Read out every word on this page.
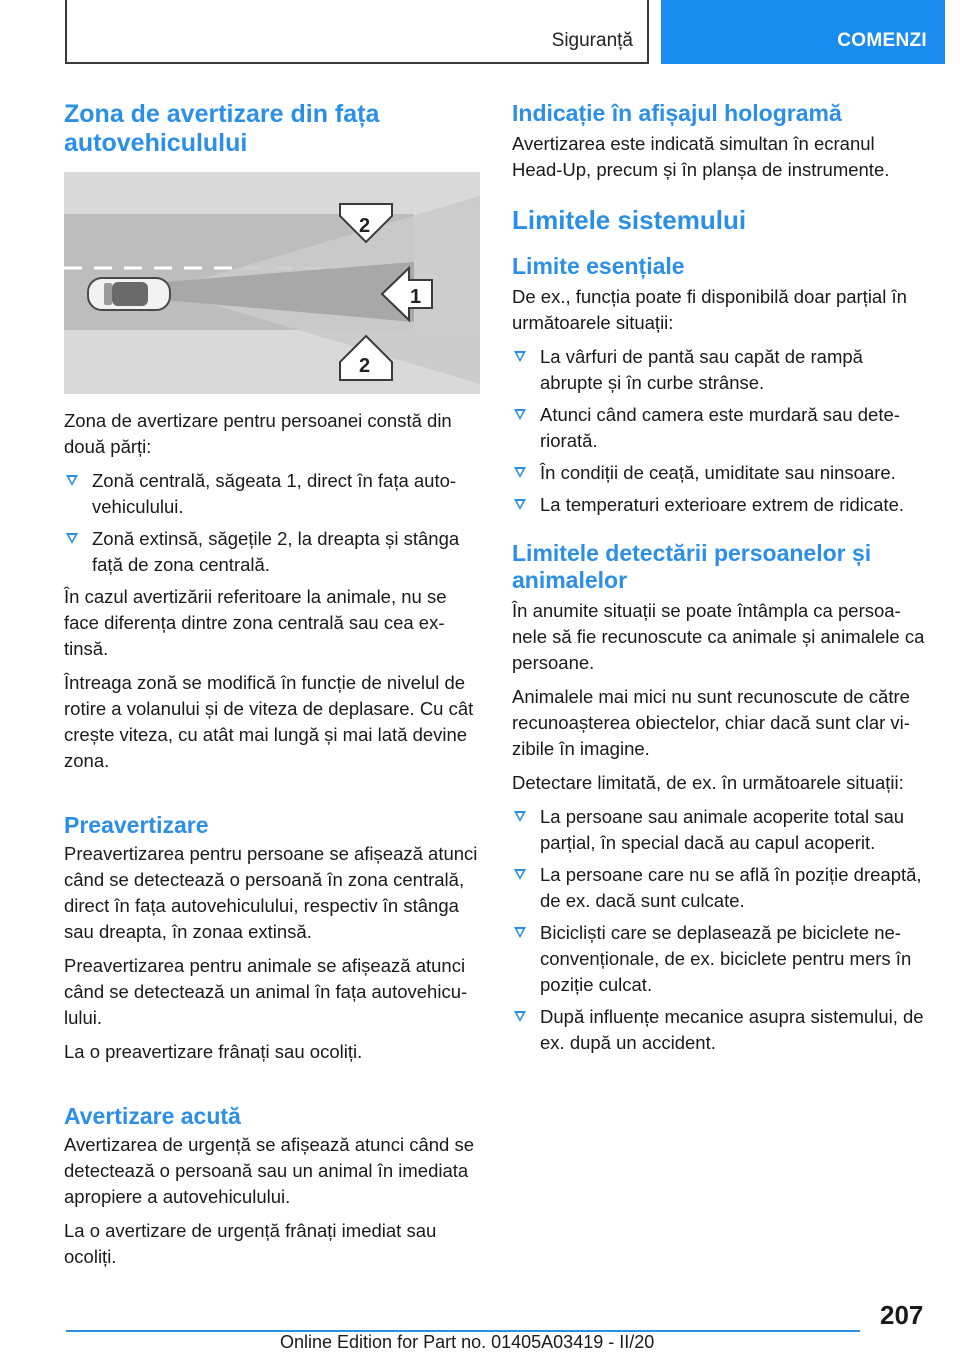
Siguranță	COMENZI
Zona de avertizare din fața autovehiculului
1
2
2

Zona de avertizare pentru persoanei constă din două părți:

Zonă centrală, săgeata 1, direct în fața auto‐vehiculului.
Zonă extinsă, săgețile 2, la dreapta și stânga față de zona centrală.

În cazul avertizării referitoare la animale, nu se face diferența dintre zona centrală sau cea ex‐tinsă.

Întreaga zonă se modifică în funcție de nivelul de rotire a volanului și de viteza de deplasare. Cu cât crește viteza, cu atât mai lungă și mai lată devine zona.

Preavertizare

Preavertizarea pentru persoane se afișează atunci când se detectează o persoană în zona centrală, direct în fața autovehiculului, respectiv în stânga sau dreapta, în zonaa extinsă.

Preavertizarea pentru animale se afișează atunci când se detectează un animal în fața autovehicu‐lului.

La o preavertizare frânați sau ocoliți.

Avertizare acută

Avertizarea de urgență se afișează atunci când se detectează o persoană sau un animal în imediata apropiere a autovehiculului.

La o avertizare de urgență frânați imediat sau ocoliți.

Indicație în afișajul hologramă

Avertizarea este indicată simultan în ecranul Head-Up, precum și în planșa de instrumente.

Limitele sistemului
Limite esențiale

De ex., funcția poate fi disponibilă doar parțial în următoarele situații:

La vârfuri de pantă sau capăt de rampă abrupte și în curbe strânse.
Atunci când camera este murdară sau dete‐riorată.
În condiții de ceață, umiditate sau ninsoare.
La temperaturi exterioare extrem de ridicate.
Limitele detectării persoanelor și animalelor

În anumite situații se poate întâmpla ca persoa‐nele să fie recunoscute ca animale și animalele ca persoane.

Animalele mai mici nu sunt recunoscute de către recunoașterea obiectelor, chiar dacă sunt clar vi‐zibile în imagine.

Detectare limitată, de ex. în următoarele situații:

La persoane sau animale acoperite total sau parțial, în special dacă au capul acoperit.
La persoane care nu se află în poziție dreaptă, de ex. dacă sunt culcate.
Bicicliști care se deplasează pe biciclete ne‐convenționale, de ex. biciclete pentru mers în poziție culcat.
După influențe mecanice asupra sistemului, de ex. după un accident.
207
Online Edition for Part no. 01405A03419 - II/20
